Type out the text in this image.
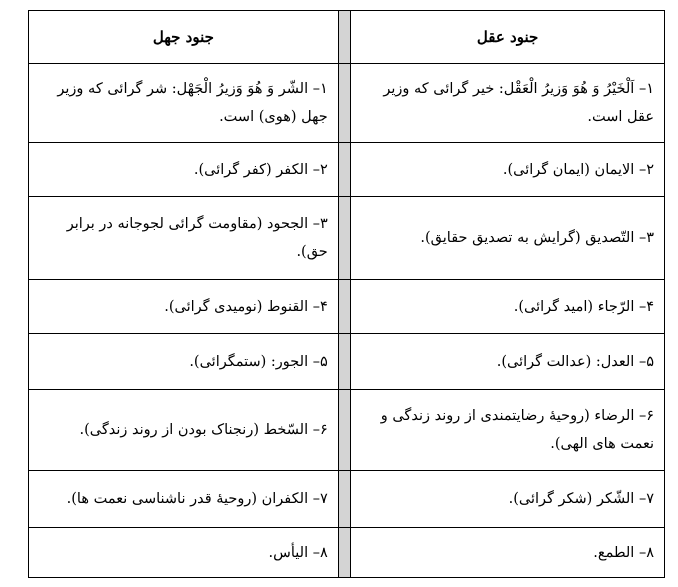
جنود عقل		جنود جهل
۱– اَلْخَیْرُ وَ هُوَ وَزیرُ الْعَقْل: خیر گرائی که وزیر عقل است.		۱– الشّر وَ هُوَ وَزیرُ الْجَهْل: شر گرائی که وزیر جهل (هوی) است.
۲– الایمان (ایمان گرائی).		۲– الکفر (کفر گرائی).
۳– التّصدیق (گرایش به تصدیق حقایق).		۳– الجحود (مقاومت گرائی لجوجانه در برابر حق).
۴– الرّجاء (امید گرائی).		۴– القنوط (نومیدی گرائی).
۵– العدل: (عدالت گرائی).		۵– الجور: (ستمگرائی).
۶– الرضاء (روحیهٔ رضایتمندی از روند زندگی و نعمت های الهی).		۶– السّخط (رنجناک بودن از روند زندگی).
۷– الشّکر (شکر گرائی).		۷– الکفران (روحیهٔ قدر ناشناسی نعمت ها).
۸– الطمع.		۸– الیأس.
